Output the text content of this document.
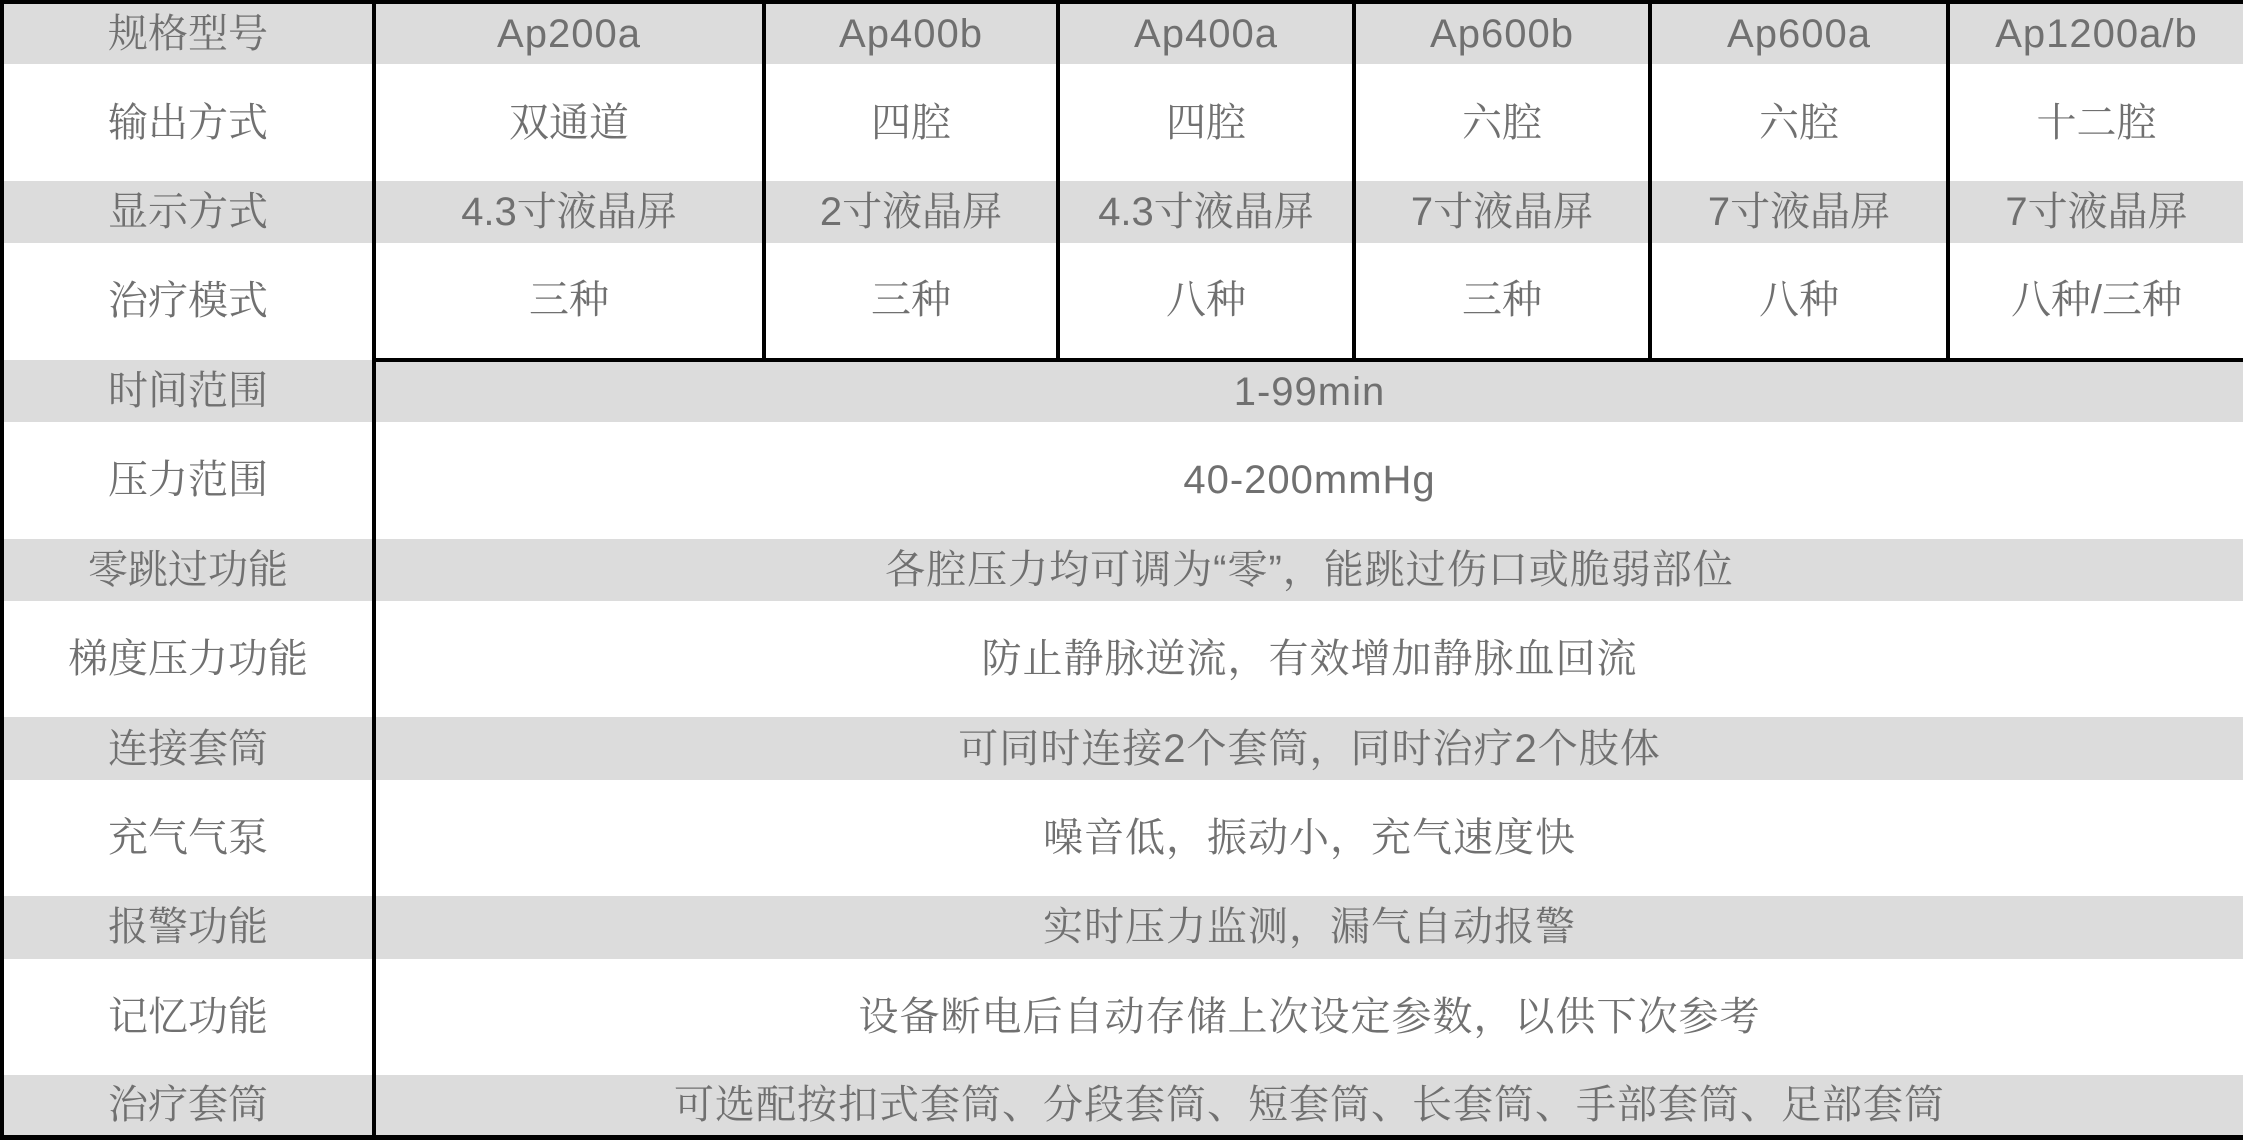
规格型号	Ap200a	Ap400b	Ap400a	Ap600b	Ap600a	Ap1200a/b
输出方式	双通道	四腔	四腔	六腔	六腔	十二腔
显示方式	4.3寸液晶屏	2寸液晶屏	4.3寸液晶屏	7寸液晶屏	7寸液晶屏	7寸液晶屏
治疗模式	三种	三种	八种	三种	八种	八种/三种
时间范围	1-99min					
压力范围	40-200mmHg					
零跳过功能	各腔压力均可调为“零”，能跳过伤口或脆弱部位					
梯度压力功能	防止静脉逆流，有效增加静脉血回流					
连接套筒	可同时连接2个套筒，同时治疗2个肢体					
充气气泵	噪音低，振动小，充气速度快					
报警功能	实时压力监测，漏气自动报警					
记忆功能	设备断电后自动存储上次设定参数，以供下次参考					
治疗套筒	可选配按扣式套筒、分段套筒、短套筒、长套筒、手部套筒、足部套筒					
